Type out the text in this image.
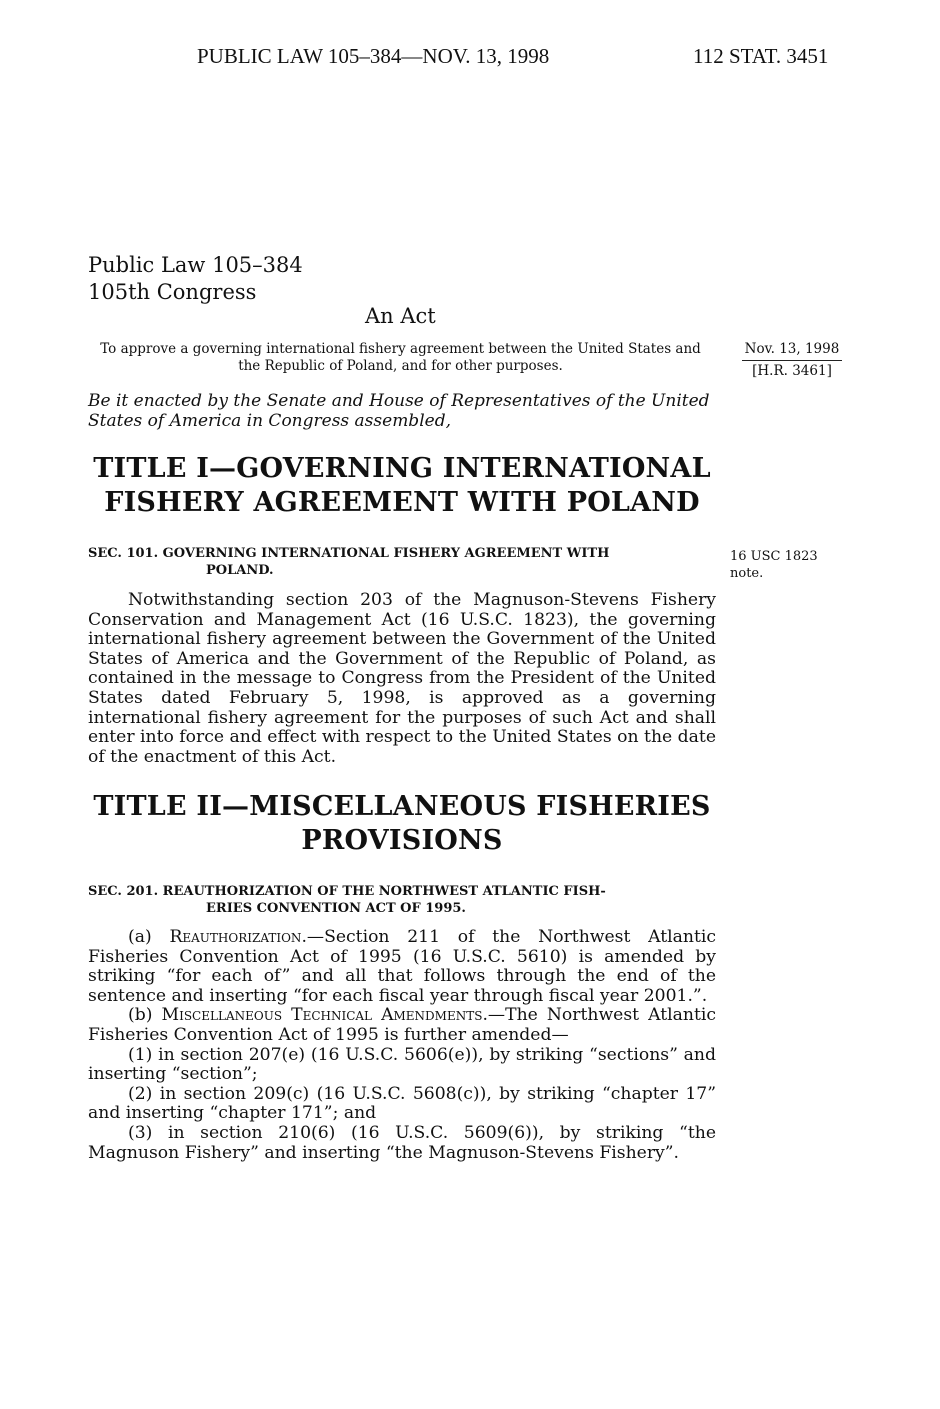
PUBLIC LAW 105–384—NOV. 13, 1998	112 STAT. 3451
Public Law 105–384
105th Congress
An Act
To approve a governing international fishery agreement between the United States and the Republic of Poland, and for other purposes.
Nov. 13, 1998
[H.R. 3461]
Be it enacted by the Senate and House of Representatives of the United States of America in Congress assembled,
TITLE I—GOVERNING INTERNATIONAL
FISHERY AGREEMENT WITH POLAND
SEC. 101. GOVERNING INTERNATIONAL FISHERY AGREEMENT WITH
POLAND.
16 USC 1823
note.

Notwithstanding section 203 of the Magnuson-Stevens Fishery Conservation and Management Act (16 U.S.C. 1823), the governing international fishery agreement between the Government of the United States of America and the Government of the Republic of Poland, as contained in the message to Congress from the President of the United States dated February 5, 1998, is approved as a governing international fishery agreement for the purposes of such Act and shall enter into force and effect with respect to the United States on the date of the enactment of this Act.

TITLE II—MISCELLANEOUS FISHERIES
PROVISIONS
SEC. 201. REAUTHORIZATION OF THE NORTHWEST ATLANTIC FISH-
ERIES CONVENTION ACT OF 1995.

(a) Reauthorization.—Section 211 of the Northwest Atlantic Fisheries Convention Act of 1995 (16 U.S.C. 5610) is amended by striking “for each of” and all that follows through the end of the sentence and inserting “for each fiscal year through fiscal year 2001.”.

(b) Miscellaneous Technical Amendments.—The Northwest Atlantic Fisheries Convention Act of 1995 is further amended—

(1) in section 207(e) (16 U.S.C. 5606(e)), by striking “sections” and inserting “section”;

(2) in section 209(c) (16 U.S.C. 5608(c)), by striking “chapter 17” and inserting “chapter 171”; and

(3) in section 210(6) (16 U.S.C. 5609(6)), by striking “the Magnuson Fishery” and inserting “the Magnuson-Stevens Fishery”.
